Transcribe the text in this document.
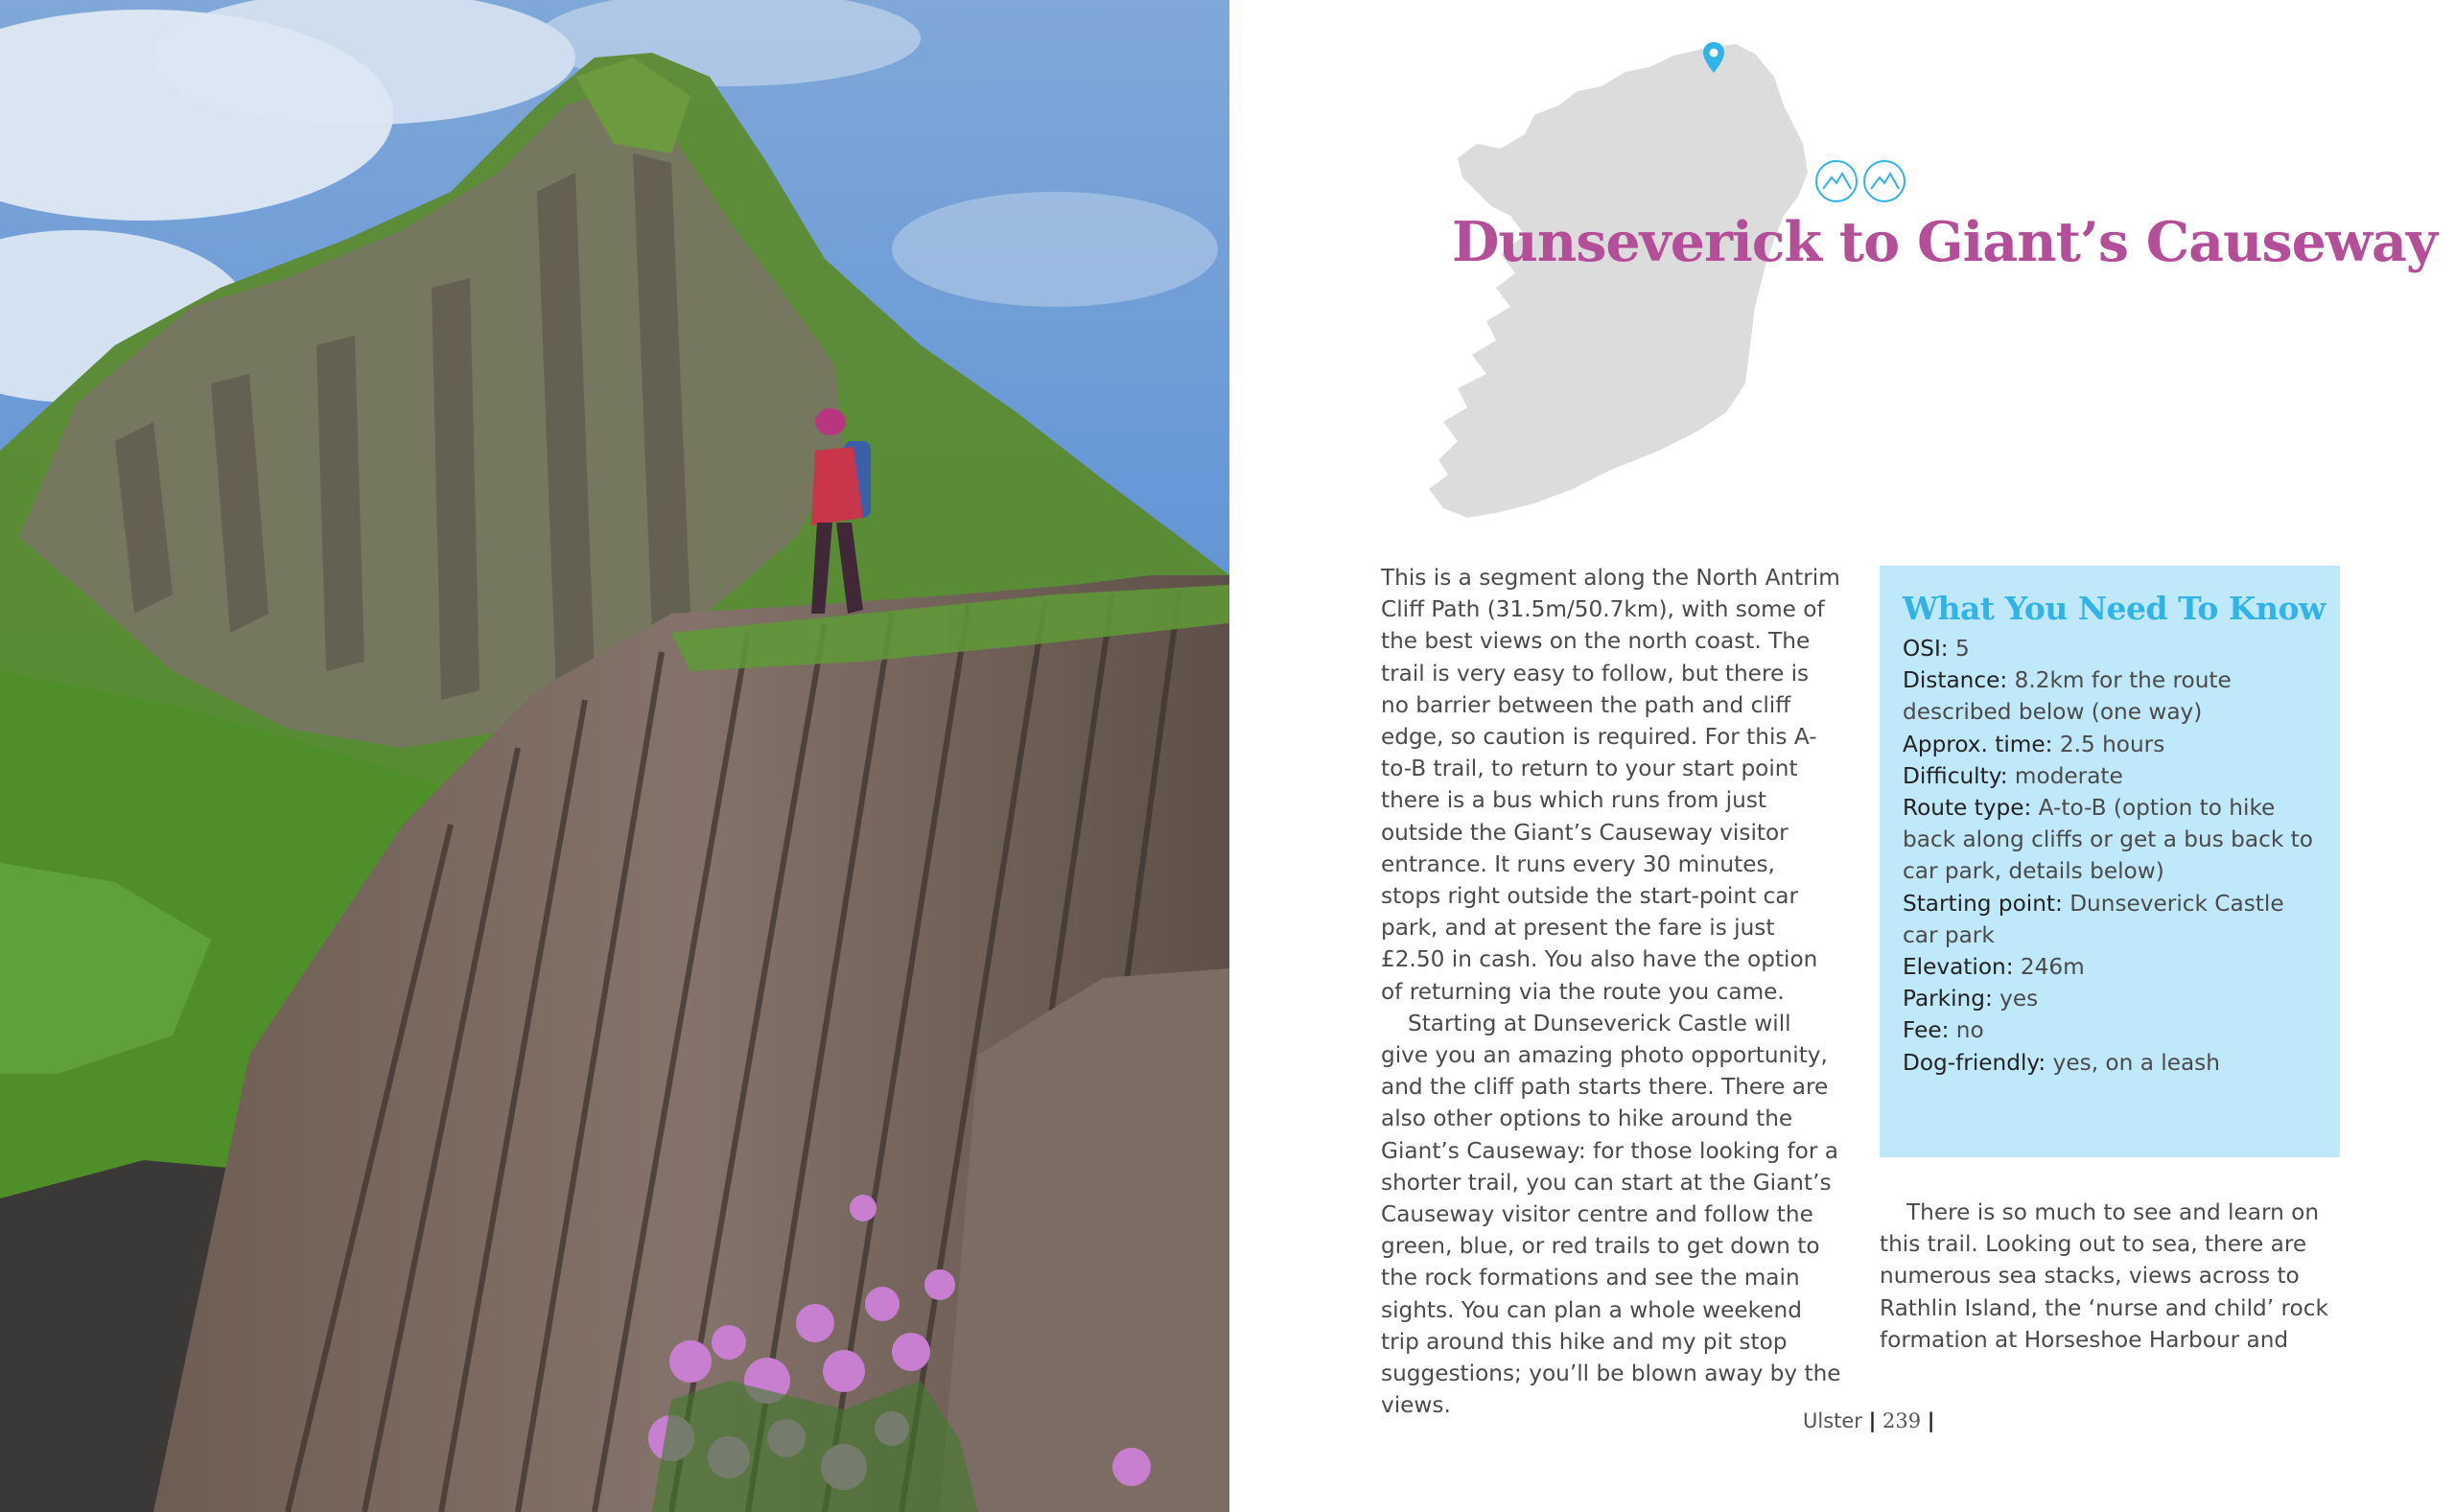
Dunseverick to Giant’s Causeway

This is a segment along the North Antrim Cliff Path (31.5m/50.7km), with some of the best views on the north coast. The trail is very easy to follow, but there is no barrier between the path and cliff edge, so caution is required. For this A-to-B trail, to return to your start point there is a bus which runs from just outside the Giant’s Causeway visitor entrance. It runs every 30 minutes, stops right outside the start-point car park, and at present the fare is just £2.50 in cash. You also have the option of returning via the route you came.

Starting at Dunseverick Castle will give you an amazing photo opportunity, and the cliff path starts there. There are also other options to hike around the Giant’s Causeway: for those looking for a shorter trail, you can start at the Giant’s Causeway visitor centre and follow the green, blue, or red trails to get down to the rock formations and see the main sights. You can plan a whole weekend trip around this hike and my pit stop suggestions; you’ll be blown away by the views.

What You Need To Know
OSI: 5
Distance: 8.2km for the route described below (one way)
Approx. time: 2.5 hours
Difficulty: moderate
Route type: A-to-B (option to hike back along cliffs or get a bus back to car park, details below)
Starting point: Dunseverick Castle car park
Elevation: 246m
Parking: yes
Fee: no
Dog-friendly: yes, on a leash

There is so much to see and learn on this trail. Looking out to sea, there are numerous sea stacks, views across to Rathlin Island, the ‘nurse and child’ rock formation at Horseshoe Harbour and

Ulster | 239 |
